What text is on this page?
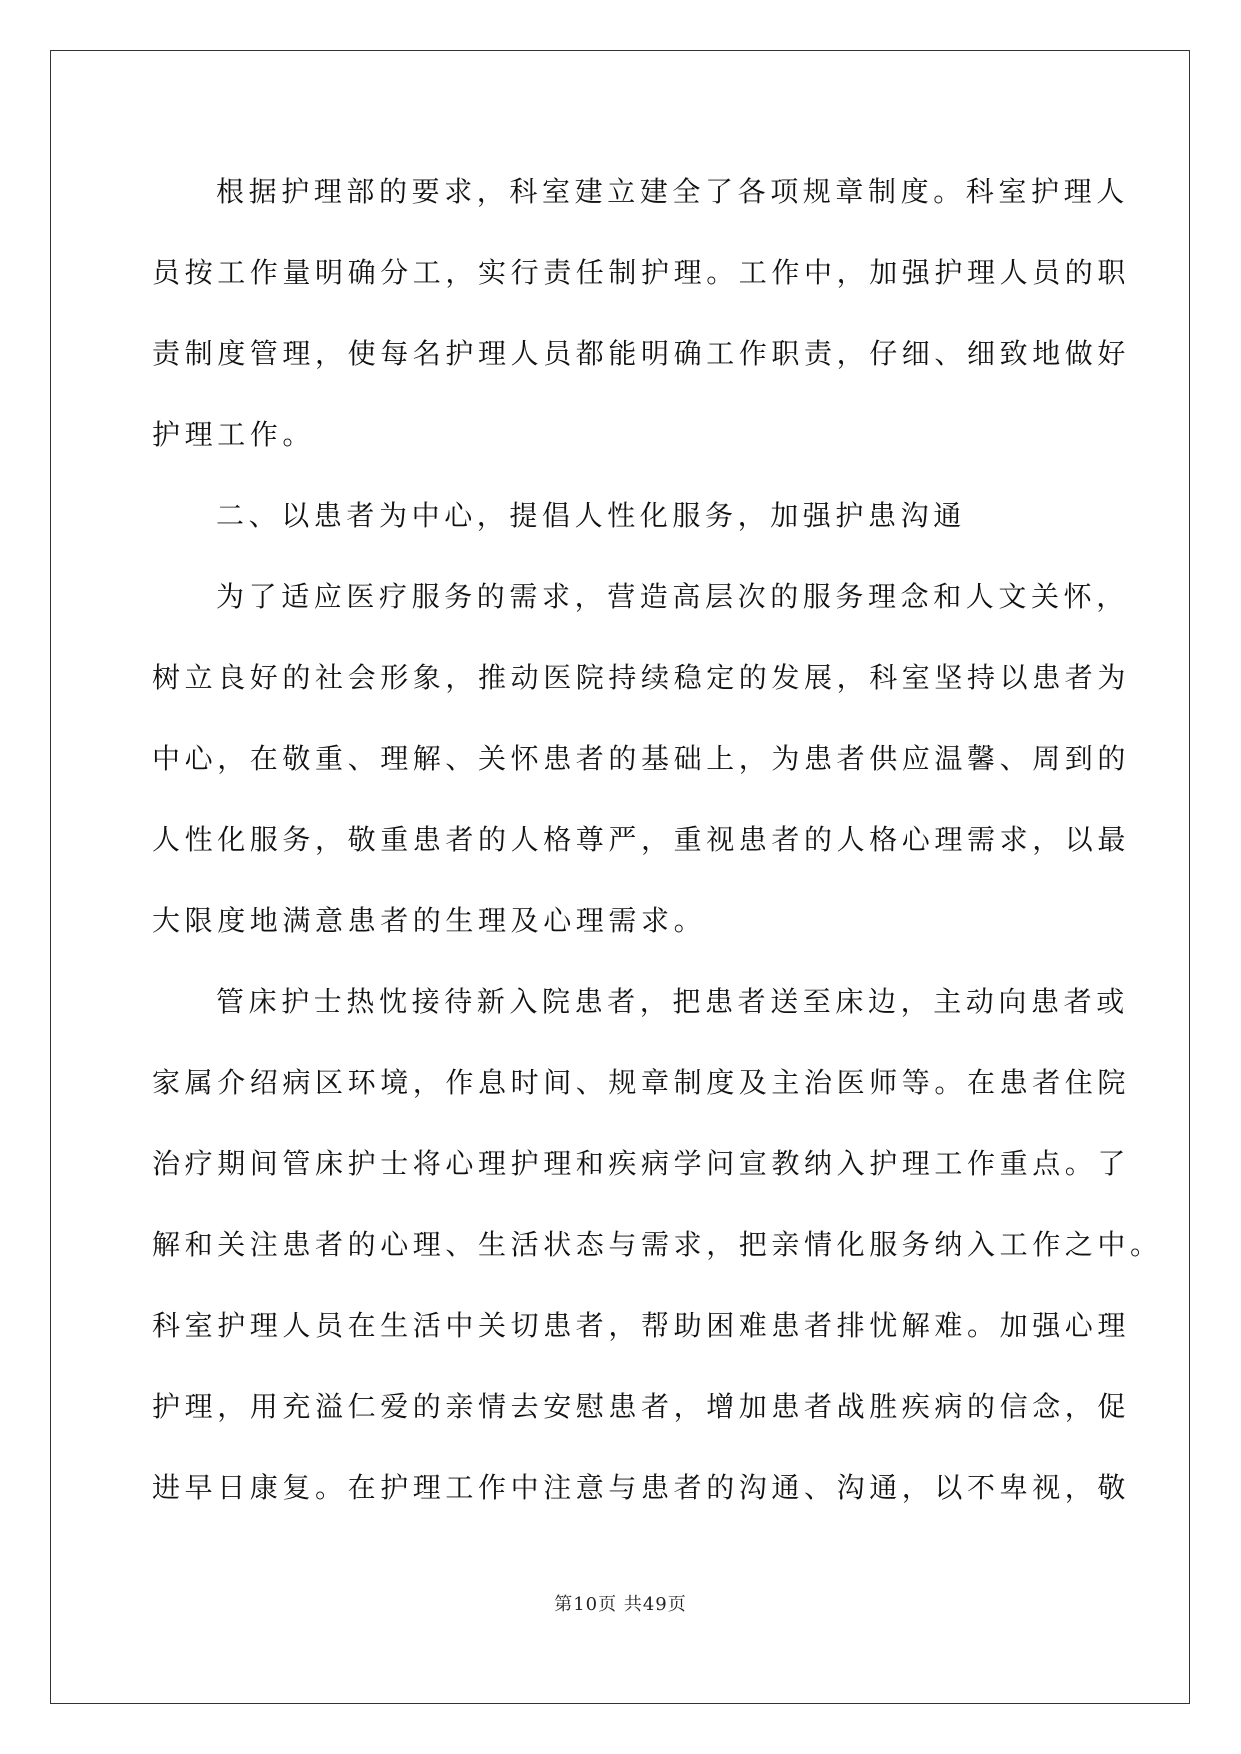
根据护理部的要求，科室建立建全了各项规章制度。科室护理人
员按工作量明确分工，实行责任制护理。工作中，加强护理人员的职
责制度管理，使每名护理人员都能明确工作职责，仔细、细致地做好
护理工作。
二、以患者为中心，提倡人性化服务，加强护患沟通
为了适应医疗服务的需求，营造高层次的服务理念和人文关怀，
树立良好的社会形象，推动医院持续稳定的发展，科室坚持以患者为
中心，在敬重、理解、关怀患者的基础上，为患者供应温馨、周到的
人性化服务，敬重患者的人格尊严，重视患者的人格心理需求，以最
大限度地满意患者的生理及心理需求。
管床护士热忱接待新入院患者，把患者送至床边，主动向患者或
家属介绍病区环境，作息时间、规章制度及主治医师等。在患者住院
治疗期间管床护士将心理护理和疾病学问宣教纳入护理工作重点。了
解和关注患者的心理、生活状态与需求，把亲情化服务纳入工作之中。
科室护理人员在生活中关切患者，帮助困难患者排忧解难。加强心理
护理，用充溢仁爱的亲情去安慰患者，增加患者战胜疾病的信念，促
进早日康复。在护理工作中注意与患者的沟通、沟通，以不卑视，敬
第10页 共49页
